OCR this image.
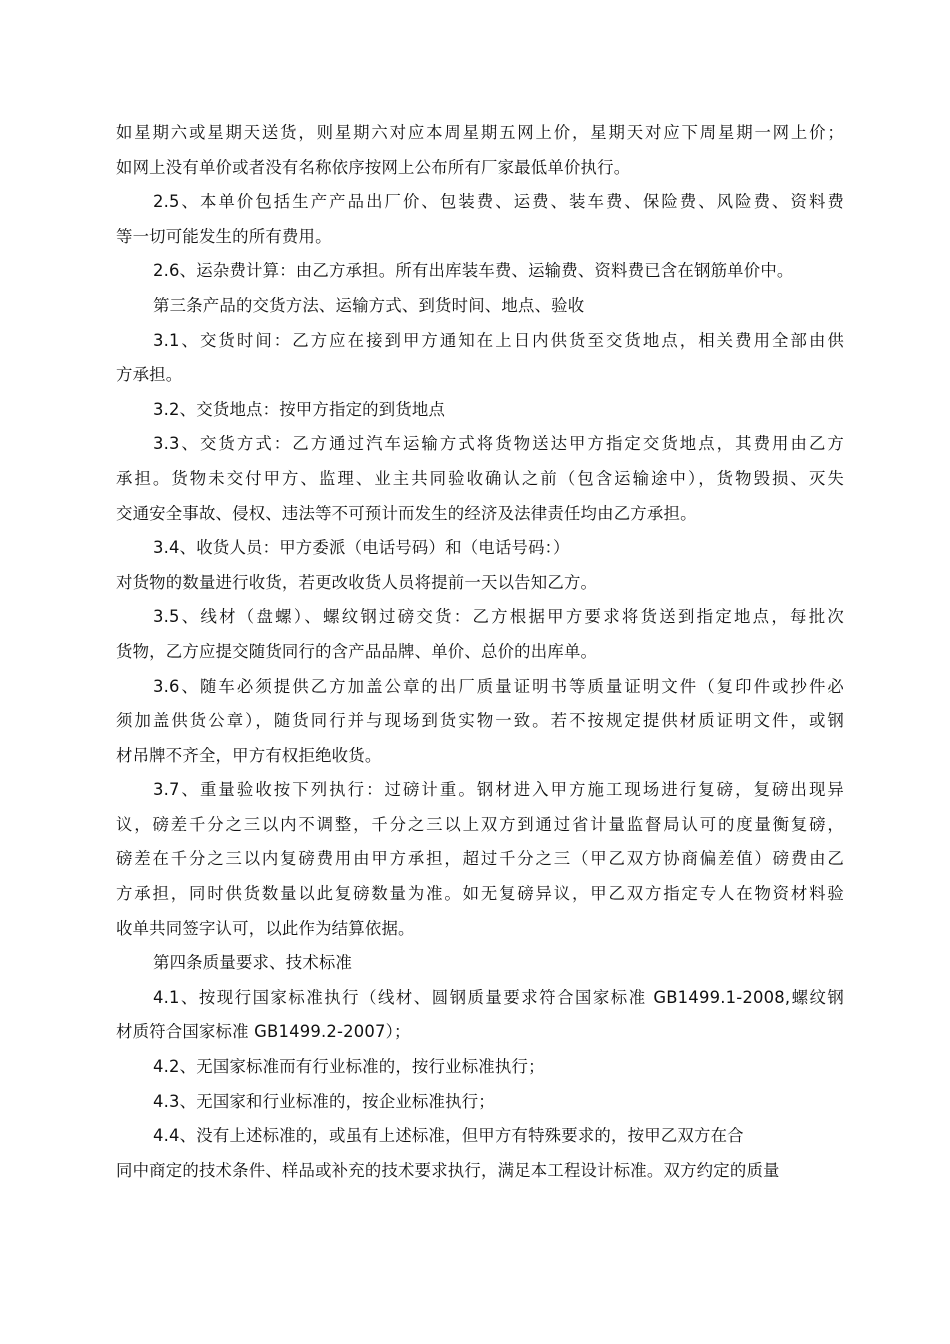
如星期六或星期天送货，则星期六对应本周星期五网上价，星期天对应下周星期一网上价；
如网上没有单价或者没有名称依序按网上公布所有厂家最低单价执行。
2.5、本单价包括生产产品出厂价、包装费、运费、装车费、保险费、风险费、资料费
等一切可能发生的所有费用。
2.6、运杂费计算：由乙方承担。所有出库装车费、运输费、资料费已含在钢筋单价中。
第三条产品的交货方法、运输方式、到货时间、地点、验收
3.1、交货时间：乙方应在接到甲方通知在上日内供货至交货地点，相关费用全部由供
方承担。
3.2、交货地点：按甲方指定的到货地点
3.3、交货方式：乙方通过汽车运输方式将货物送达甲方指定交货地点，其费用由乙方
承担。货物未交付甲方、监理、业主共同验收确认之前（包含运输途中），货物毁损、灭失
交通安全事故、侵权、违法等不可预计而发生的经济及法律责任均由乙方承担。
3.4、收货人员：甲方委派（电话号码）和（电话号码：）
对货物的数量进行收货，若更改收货人员将提前一天以告知乙方。
3.5、线材（盘螺）、螺纹钢过磅交货：乙方根据甲方要求将货送到指定地点，每批次
货物，乙方应提交随货同行的含产品品牌、单价、总价的出库单。
3.6、随车必须提供乙方加盖公章的出厂质量证明书等质量证明文件（复印件或抄件必
须加盖供货公章），随货同行并与现场到货实物一致。若不按规定提供材质证明文件，或钢
材吊牌不齐全，甲方有权拒绝收货。
3.7、重量验收按下列执行：过磅计重。钢材进入甲方施工现场进行复磅，复磅出现异
议，磅差千分之三以内不调整，千分之三以上双方到通过省计量监督局认可的度量衡复磅，
磅差在千分之三以内复磅费用由甲方承担，超过千分之三（甲乙双方协商偏差值）磅费由乙
方承担，同时供货数量以此复磅数量为准。如无复磅异议，甲乙双方指定专人在物资材料验
收单共同签字认可，以此作为结算依据。
第四条质量要求、技术标准
4.1、按现行国家标准执行（线材、圆钢质量要求符合国家标准 GB1499.1-2008,螺纹钢
材质符合国家标准 GB1499.2-2007）；
4.2、无国家标准而有行业标准的，按行业标准执行；
4.3、无国家和行业标准的，按企业标准执行；
4.4、没有上述标准的，或虽有上述标准，但甲方有特殊要求的，按甲乙双方在合
同中商定的技术条件、样品或补充的技术要求执行，满足本工程设计标准。双方约定的质量
